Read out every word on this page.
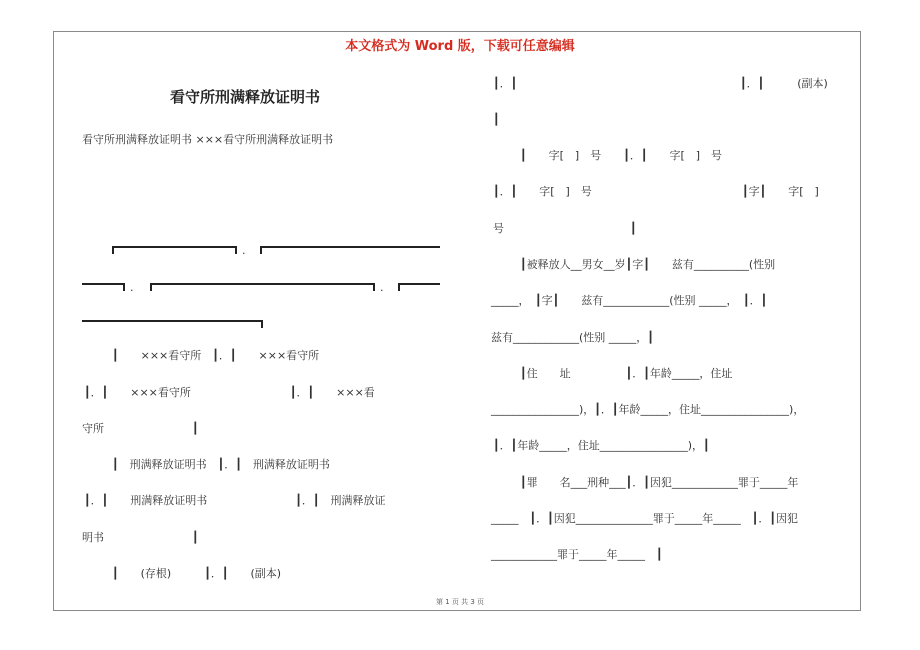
本文格式为 Word 版，下载可任意编辑
看守所刑满释放证明书
看守所刑满释放证明书 ×××看守所刑满释放证明书
.
.	.
┃　　×××看守所　┃．┃　　×××看守所
┃．┃　　×××看守所　　　　　　　　　┃．┃　　×××看
守所　　　　　　　　┃
┃　刑满释放证明书　┃．┃　刑满释放证明书
┃．┃　　刑满释放证明书　　　　　　　　┃．┃　刑满释放证
明书　　　　　　　　┃
┃　　(存根)　　　┃．┃　　(副本)
┃．┃	┃．┃　　　(副本)
┃
┃　　字[　]　号　　┃．┃　　字[　]　号
┃．┃　　字[　]　号	┃字┃　　字[　]
号	┃
┃被释放人__男女__岁┃字┃　　兹有__________(性别
_____，　┃字┃　　兹有____________(性别 _____，　┃．┃
兹有____________(性别 _____，┃
┃住　　址　　　　　┃．┃年龄_____，住址
________________)，┃．┃年龄_____，住址________________)，
┃．┃年龄_____，住址________________)，┃
┃罪　　名___刑种___┃．┃因犯____________罪于_____年
_____　┃．┃因犯______________罪于_____年_____　┃．┃因犯
____________罪于_____年_____　┃
第 1 页 共 3 页
